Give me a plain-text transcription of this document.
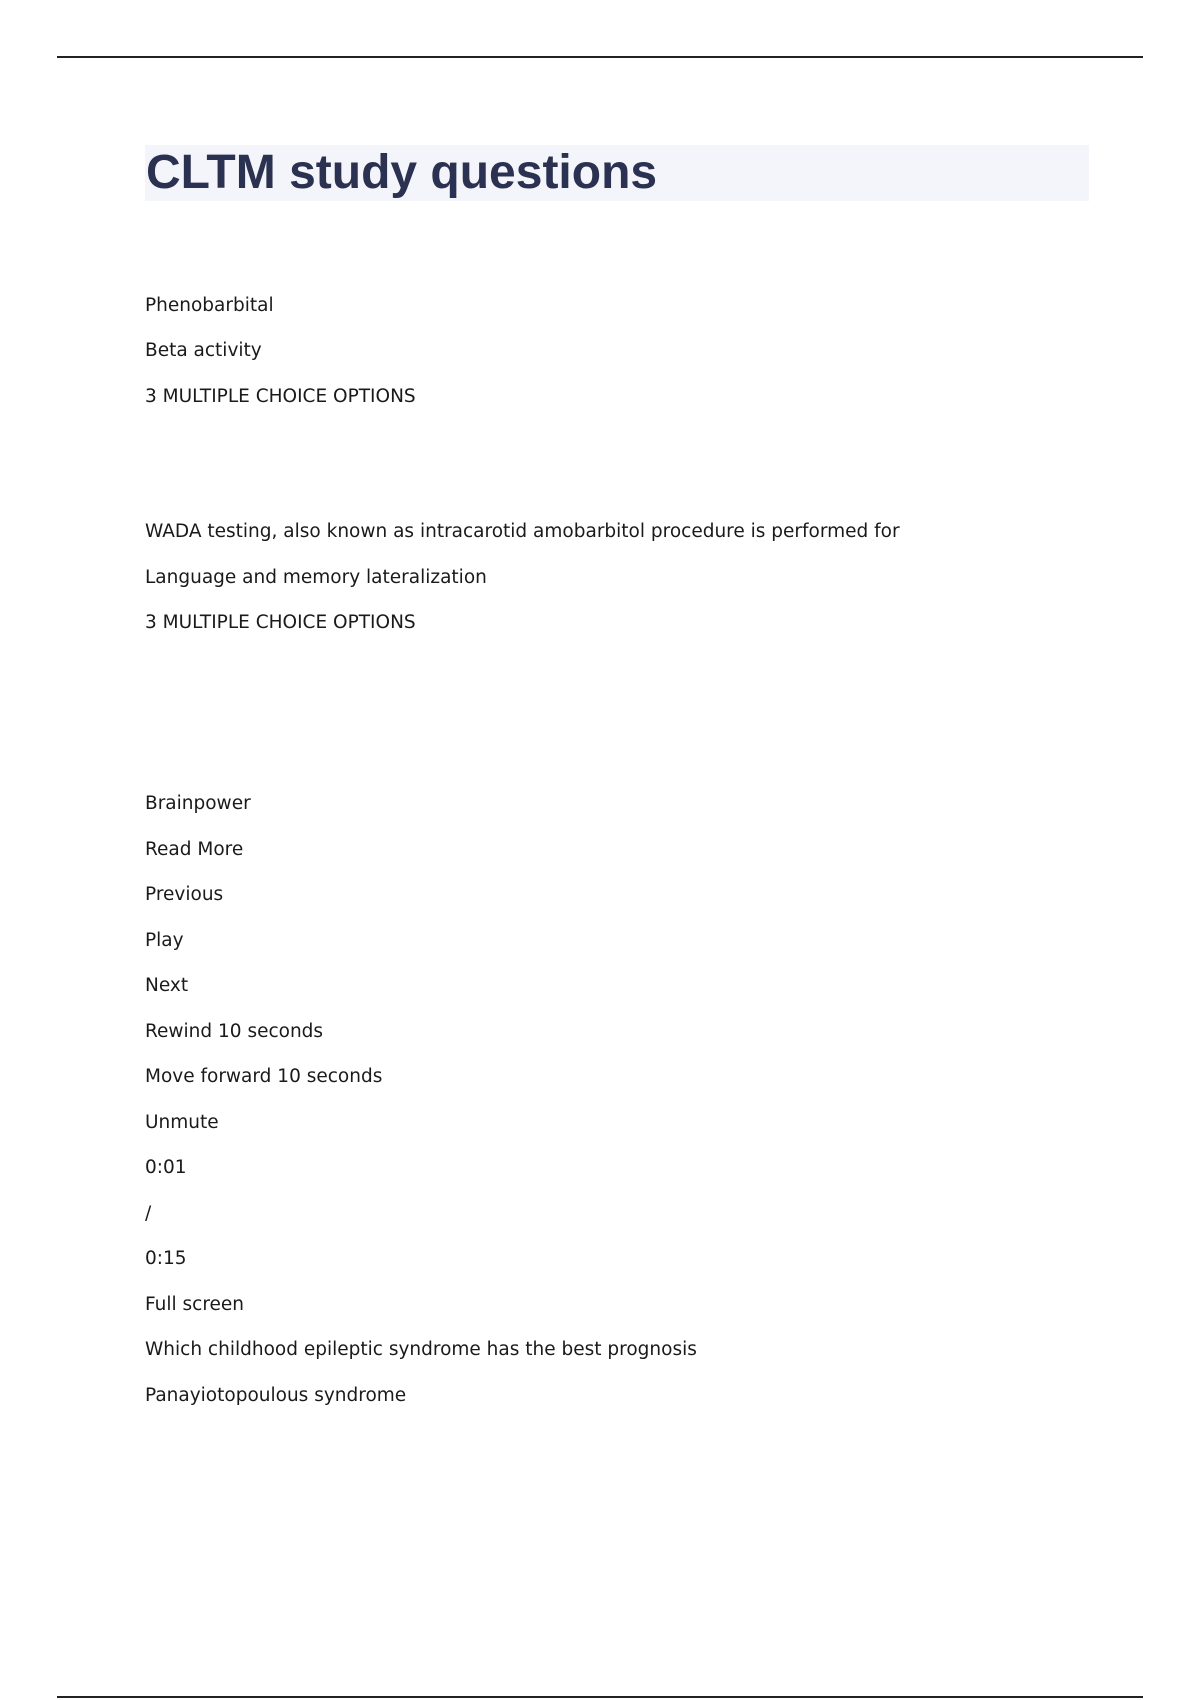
CLTM study questions
Phenobarbital
Beta activity
3 MULTIPLE CHOICE OPTIONS
WADA testing, also known as intracarotid amobarbitol procedure is performed for
Language and memory lateralization
3 MULTIPLE CHOICE OPTIONS
Brainpower
Read More
Previous
Play
Next
Rewind 10 seconds
Move forward 10 seconds
Unmute
0:01
/
0:15
Full screen
Which childhood epileptic syndrome has the best prognosis
Panayiotopoulous syndrome
